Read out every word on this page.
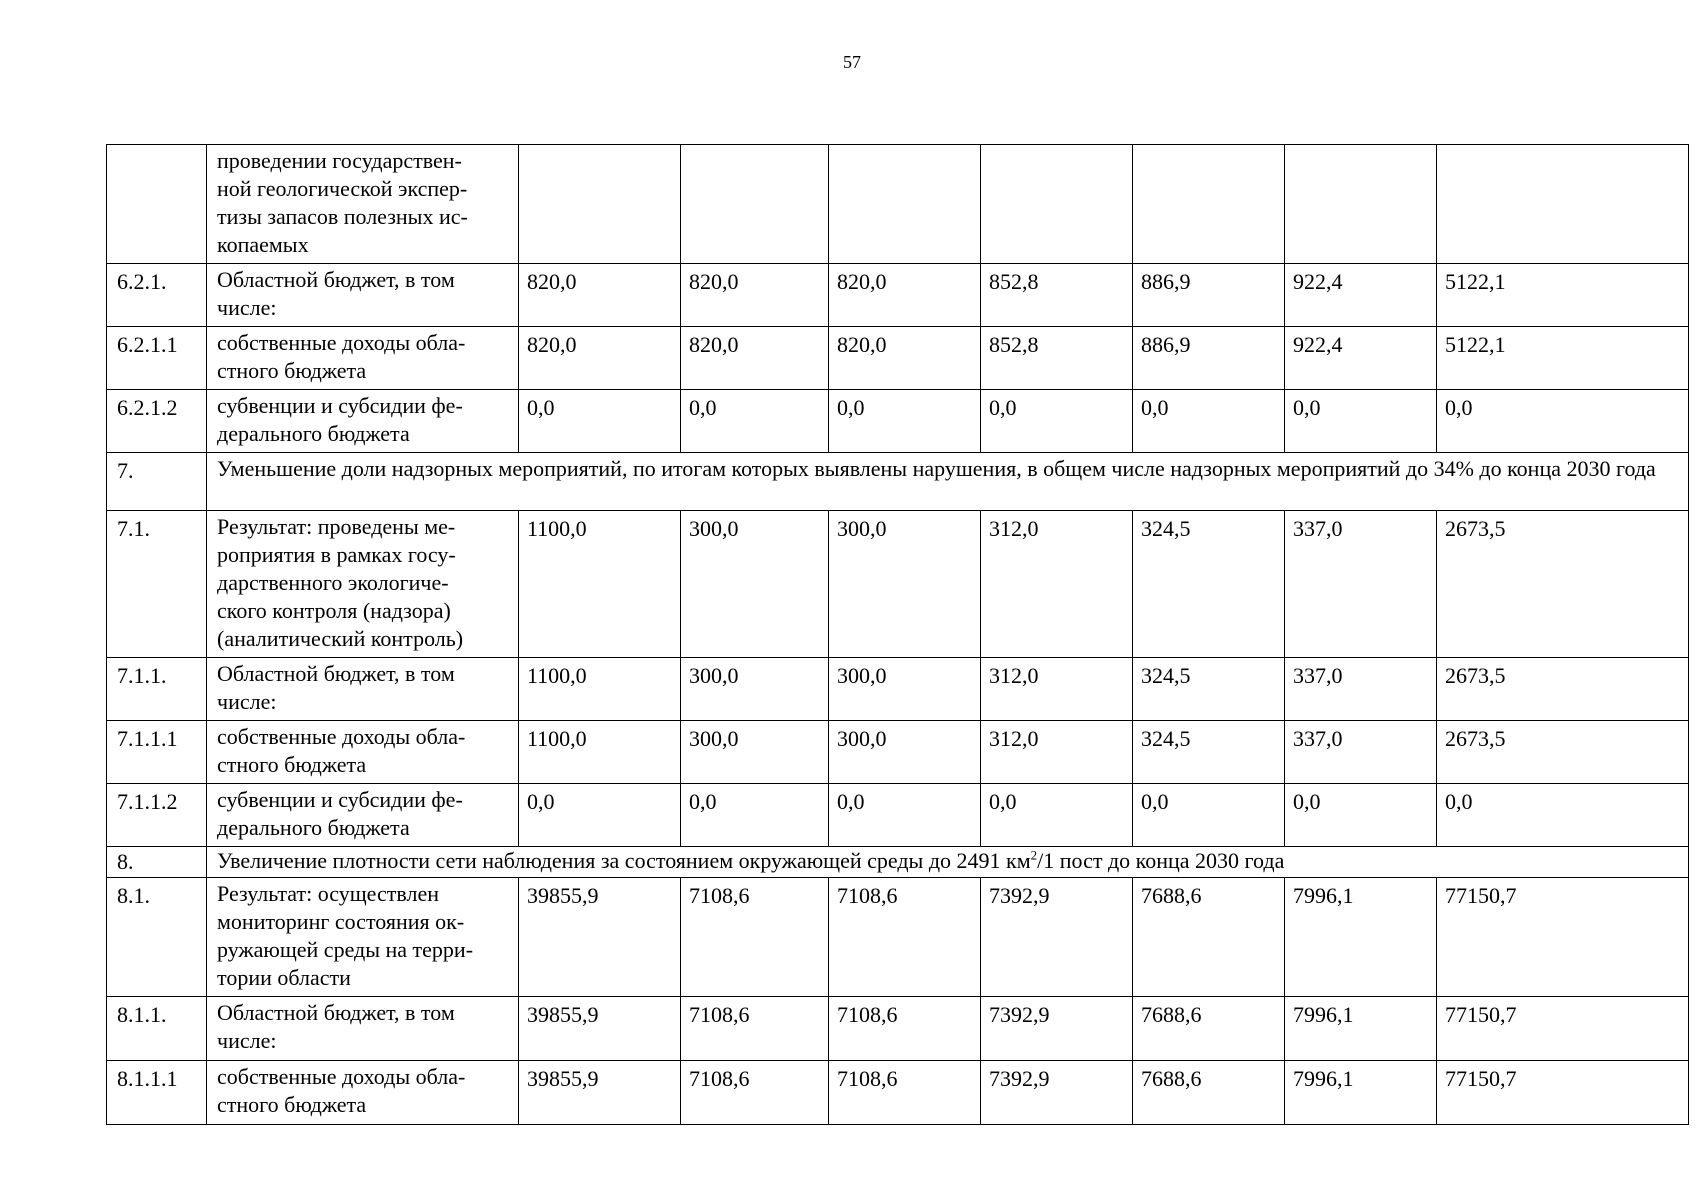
57
	проведении государствен-
ной геологической экспер-
тизы запасов полезных ис-
копаемых							
6.2.1.	Областной бюджет, в том
числе:	820,0	820,0	820,0	852,8	886,9	922,4	5122,1
6.2.1.1	собственные доходы обла-
стного бюджета	820,0	820,0	820,0	852,8	886,9	922,4	5122,1
6.2.1.2	субвенции и субсидии фе-
дерального бюджета	0,0	0,0	0,0	0,0	0,0	0,0	0,0
7.	Уменьшение доли надзорных мероприятий, по итогам которых выявлены нарушения, в общем числе надзорных мероприятий до 34% до конца 2030 года							
7.1.	Результат: проведены ме-
роприятия в рамках госу-
дарственного экологиче-
ского контроля (надзора)
(аналитический контроль)	1100,0	300,0	300,0	312,0	324,5	337,0	2673,5
7.1.1.	Областной бюджет, в том
числе:	1100,0	300,0	300,0	312,0	324,5	337,0	2673,5
7.1.1.1	собственные доходы обла-
стного бюджета	1100,0	300,0	300,0	312,0	324,5	337,0	2673,5
7.1.1.2	субвенции и субсидии фе-
дерального бюджета	0,0	0,0	0,0	0,0	0,0	0,0	0,0
8.	Увеличение плотности сети наблюдения за состоянием окружающей среды до 2491 $км^2/1$ пост до конца 2030 года							
8.1.	Результат: осуществлен
мониторинг состояния ок-
ружающей среды на терри-
тории области	39855,9	7108,6	7108,6	7392,9	7688,6	7996,1	77150,7
8.1.1.	Областной бюджет, в том
числе:	39855,9	7108,6	7108,6	7392,9	7688,6	7996,1	77150,7
8.1.1.1	собственные доходы обла-
стного бюджета	39855,9	7108,6	7108,6	7392,9	7688,6	7996,1	77150,7
